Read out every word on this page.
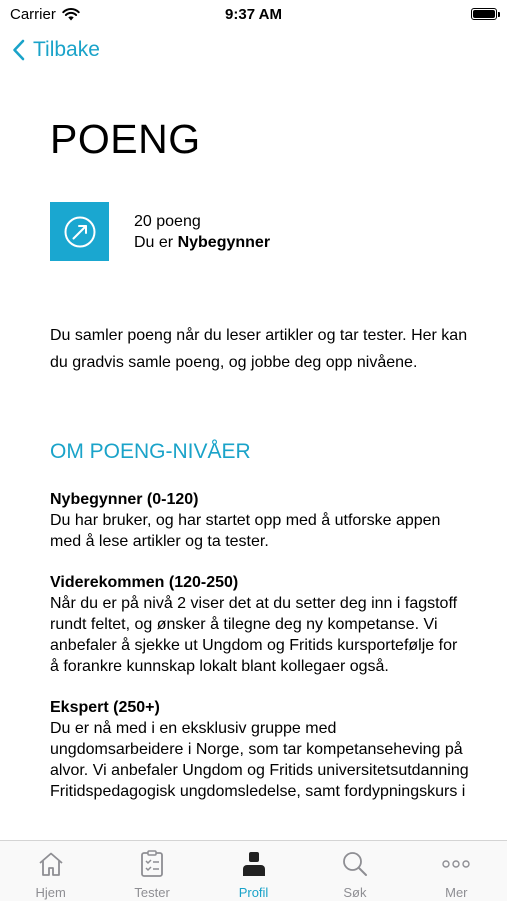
Carrier	9:37 AM
Tilbake
POENG
20 poeng
Du er Nybegynner

Du samler poeng når du leser artikler og tar tester. Her kan du gradvis samle poeng, og jobbe deg opp nivåene.

OM POENG-NIVÅER
Nybegynner (0-120)
Du har bruker, og har startet opp med å utforske appen med å lese artikler og ta tester.
Viderekommen (120-250)
Når du er på nivå 2 viser det at du setter deg inn i fagstoff rundt feltet, og ønsker å tilegne deg ny kompetanse. Vi anbefaler å sjekke ut Ungdom og Fritids kursportefølje for å forankre kunnskap lokalt blant kollegaer også.
Ekspert (250+)
Du er nå med i en eksklusiv gruppe med ungdomsarbeidere i Norge, som tar kompetanseheving på alvor. Vi anbefaler Ungdom og Fritids universitetsutdanning Fritidspedagogisk ungdomsledelse, samt fordypningskurs i
Hjem	Tester	Profil	Søk	Mer
